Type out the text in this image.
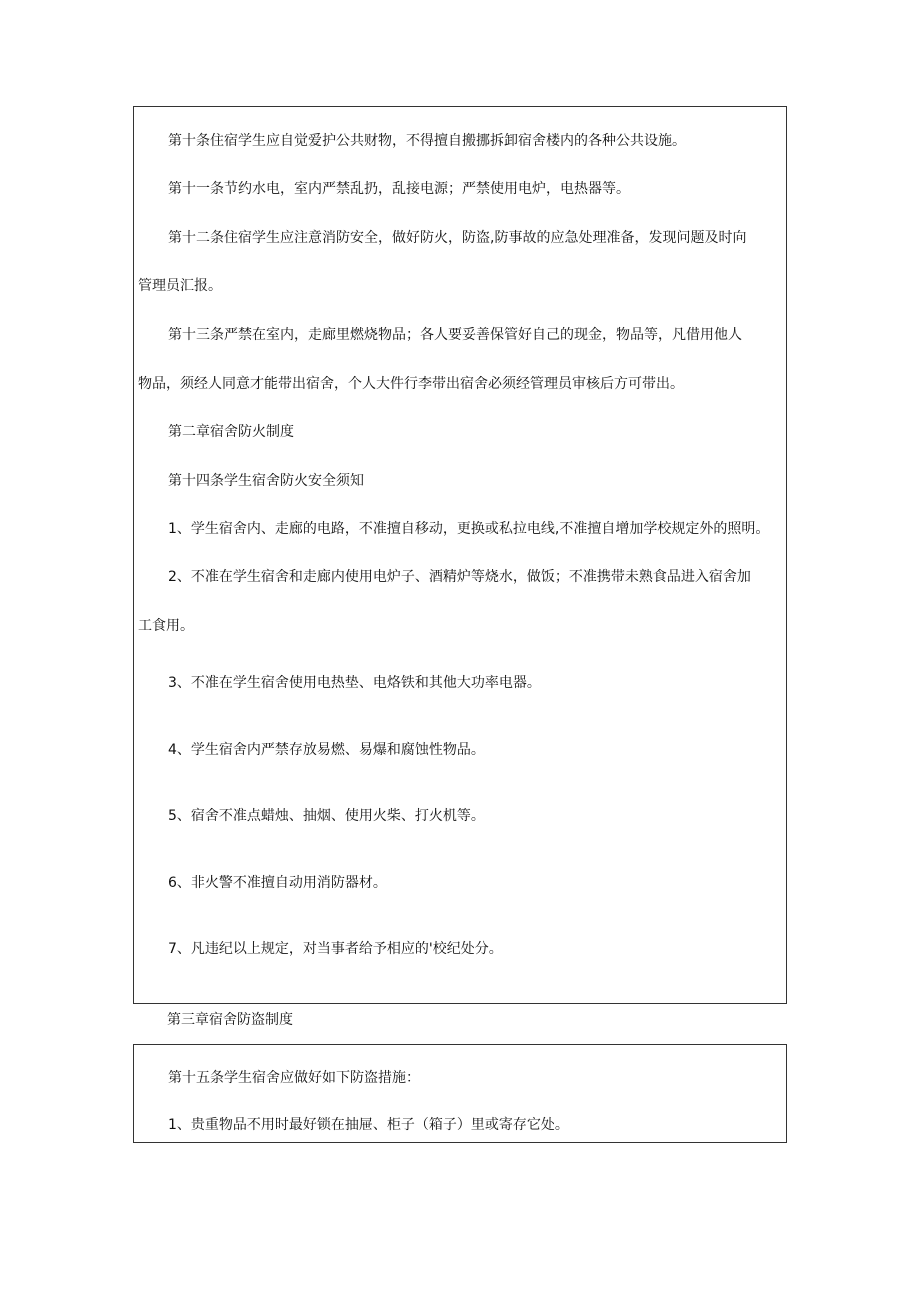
第十条住宿学生应自觉爱护公共财物，不得擅自搬挪拆卸宿舍楼内的各种公共设施。
第十一条节约水电，室内严禁乱扔，乱接电源；严禁使用电炉，电热器等。
第十二条住宿学生应注意消防安全，做好防火，防盗,防事故的应急处理准备，发现问题及时向
管理员汇报。
第十三条严禁在室内，走廊里燃烧物品；各人要妥善保管好自己的现金，物品等，凡借用他人
物品，须经人同意才能带出宿舍，个人大件行李带出宿舍必须经管理员审核后方可带出。
第二章宿舍防火制度
第十四条学生宿舍防火安全须知
1、学生宿舍内、走廊的电路，不准擅自移动，更换或私拉电线,不准擅自增加学校规定外的照明。
2、不准在学生宿舍和走廊内使用电炉子、酒精炉等烧水，做饭；不准携带未熟食品进入宿舍加
工食用。
3、不准在学生宿舍使用电热垫、电烙铁和其他大功率电器。
4、学生宿舍内严禁存放易燃、易爆和腐蚀性物品。
5、宿舍不准点蜡烛、抽烟、使用火柴、打火机等。
6、非火警不准擅自动用消防器材。
7、凡违纪以上规定，对当事者给予相应的'校纪处分。
第三章宿舍防盗制度
第十五条学生宿舍应做好如下防盗措施：
1、贵重物品不用时最好锁在抽屉、柜子（箱子）里或寄存它处。
